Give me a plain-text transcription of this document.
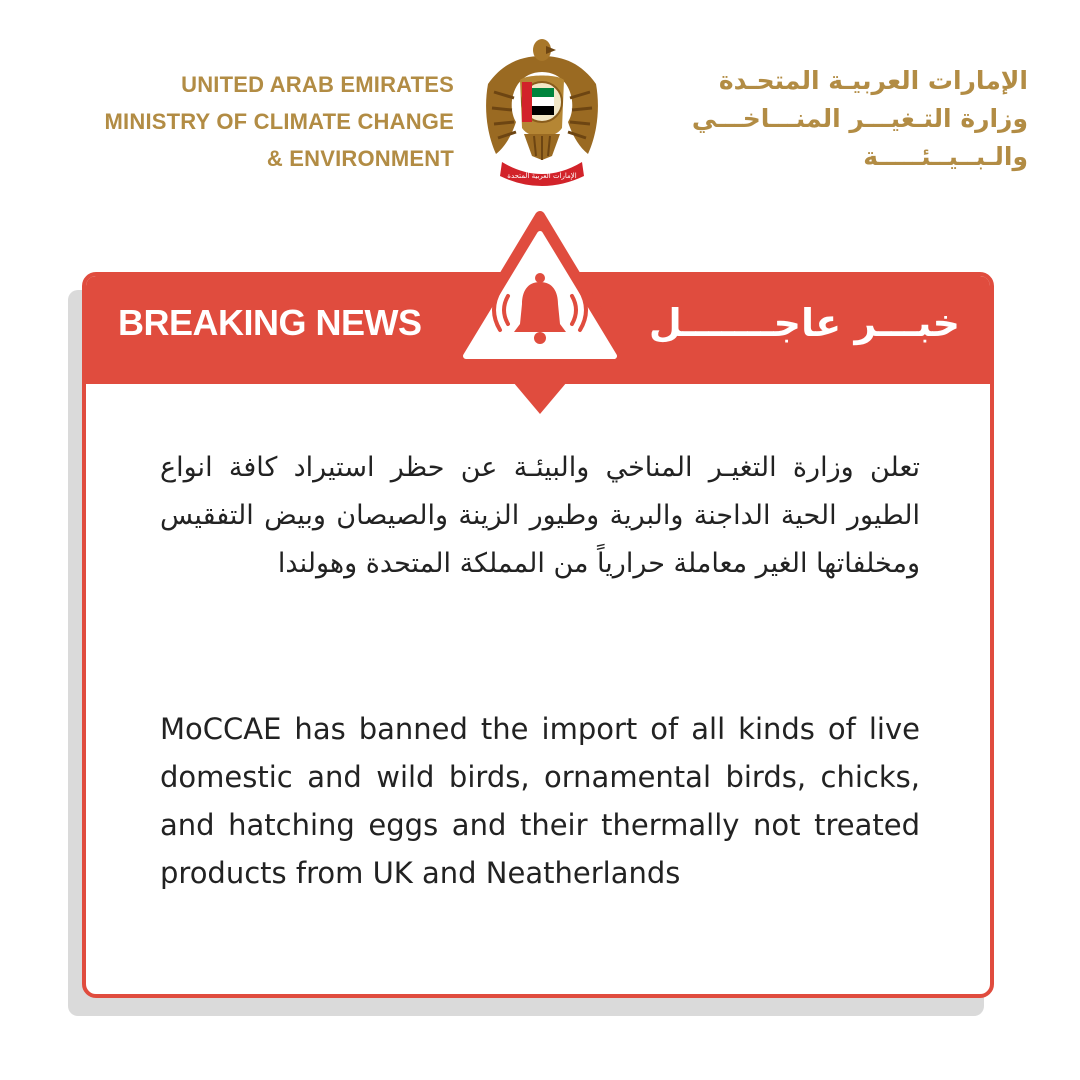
UNITED ARAB EMIRATES
MINISTRY OF CLIMATE CHANGE
& ENVIRONMENT
الإمارات العربية المتحدة
الإمارات العربيـة المتحـدة
وزارة التـغيـــر المنـــاخـــي
والـبــيــئـــــة
BREAKING NEWS	خبـــر عاجـــــــل
تعلن وزارة التغيـر المناخي والبيئـة عن حظر استيراد كافة انواع الطيور الحية الداجنة والبرية وطيور الزينة والصيصان وبيض التفقيس ومخلفاتها الغير معاملة حرارياً من المملكة المتحدة وهولندا
MoCCAE has banned the import of all kinds of live domestic and wild birds, ornamental birds, chicks, and hatching eggs and their thermally not treated products from UK and Neatherlands
